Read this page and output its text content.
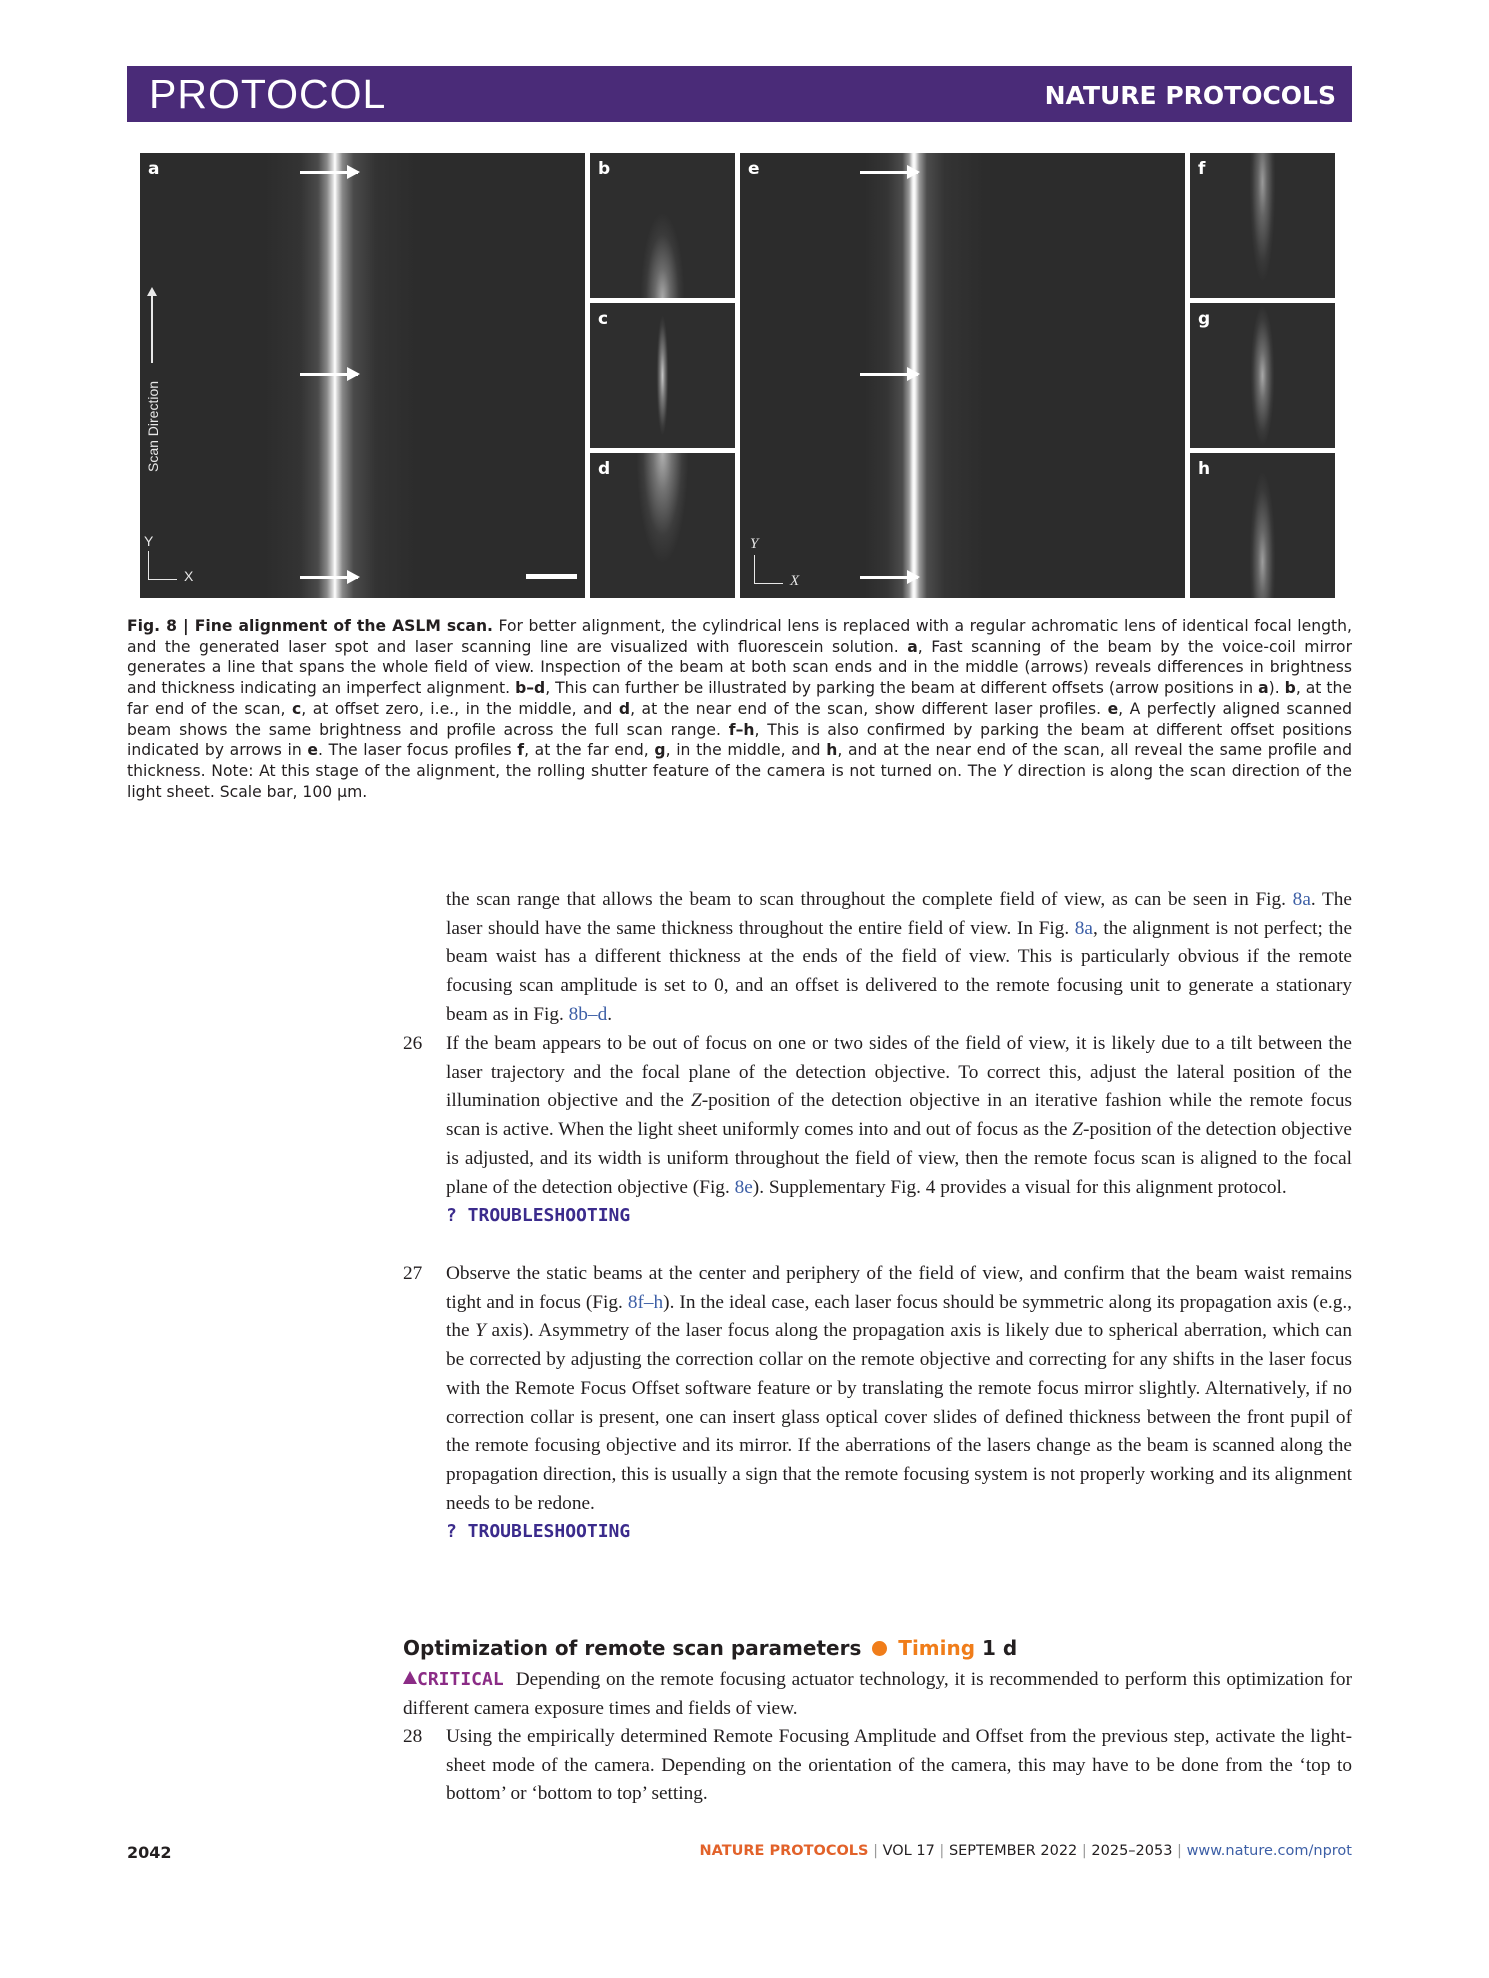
PROTOCOL	NATURE PROTOCOLS
a
Scan Direction
Y
X
b
c
d
e
Y
X
f
g
h
Fig. 8 | Fine alignment of the ASLM scan. For better alignment, the cylindrical lens is replaced with a regular achromatic lens of identical focal length, and the generated laser spot and laser scanning line are visualized with fluorescein solution. a, Fast scanning of the beam by the voice-coil mirror generates a line that spans the whole field of view. Inspection of the beam at both scan ends and in the middle (arrows) reveals differences in brightness and thickness indicating an imperfect alignment. b–d, This can further be illustrated by parking the beam at different offsets (arrow positions in a). b, at the far end of the scan, c, at offset zero, i.e., in the middle, and d, at the near end of the scan, show different laser profiles. e, A perfectly aligned scanned beam shows the same brightness and profile across the full scan range. f–h, This is also confirmed by parking the beam at different offset positions indicated by arrows in e. The laser focus profiles f, at the far end, g, in the middle, and h, and at the near end of the scan, all reveal the same profile and thickness. Note: At this stage of the alignment, the rolling shutter feature of the camera is not turned on. The Y direction is along the scan direction of the light sheet. Scale bar, 100 μm.
the scan range that allows the beam to scan throughout the complete field of view, as can be seen in Fig. 8a. The laser should have the same thickness throughout the entire field of view. In Fig. 8a, the alignment is not perfect; the beam waist has a different thickness at the ends of the field of view. This is particularly obvious if the remote focusing scan amplitude is set to 0, and an offset is delivered to the remote focusing unit to generate a stationary beam as in Fig. 8b–d.
26 If the beam appears to be out of focus on one or two sides of the field of view, it is likely due to a tilt between the laser trajectory and the focal plane of the detection objective. To correct this, adjust the lateral position of the illumination objective and the Z-position of the detection objective in an iterative fashion while the remote focus scan is active. When the light sheet uniformly comes into and out of focus as the Z-position of the detection objective is adjusted, and its width is uniform throughout the field of view, then the remote focus scan is aligned to the focal plane of the detection objective (Fig. 8e). Supplementary Fig. 4 provides a visual for this alignment protocol.
? TROUBLESHOOTING
27 Observe the static beams at the center and periphery of the field of view, and confirm that the beam waist remains tight and in focus (Fig. 8f–h). In the ideal case, each laser focus should be symmetric along its propagation axis (e.g., the Y axis). Asymmetry of the laser focus along the propagation axis is likely due to spherical aberration, which can be corrected by adjusting the correction collar on the remote objective and correcting for any shifts in the laser focus with the Remote Focus Offset software feature or by translating the remote focus mirror slightly. Alternatively, if no correction collar is present, one can insert glass optical cover slides of defined thickness between the front pupil of the remote focusing objective and its mirror. If the aberrations of the lasers change as the beam is scanned along the propagation direction, this is usually a sign that the remote focusing system is not properly working and its alignment needs to be redone.
? TROUBLESHOOTING
Optimization of remote scan parameters Timing 1 d
CRITICAL Depending on the remote focusing actuator technology, it is recommended to perform this optimization for different camera exposure times and fields of view.
28 Using the empirically determined Remote Focusing Amplitude and Offset from the previous step, activate the light-sheet mode of the camera. Depending on the orientation of the camera, this may have to be done from the ‘top to bottom’ or ‘bottom to top’ setting.
2042	NATURE PROTOCOLS | VOL 17 | SEPTEMBER 2022 | 2025–2053 | www.nature.com/nprot
